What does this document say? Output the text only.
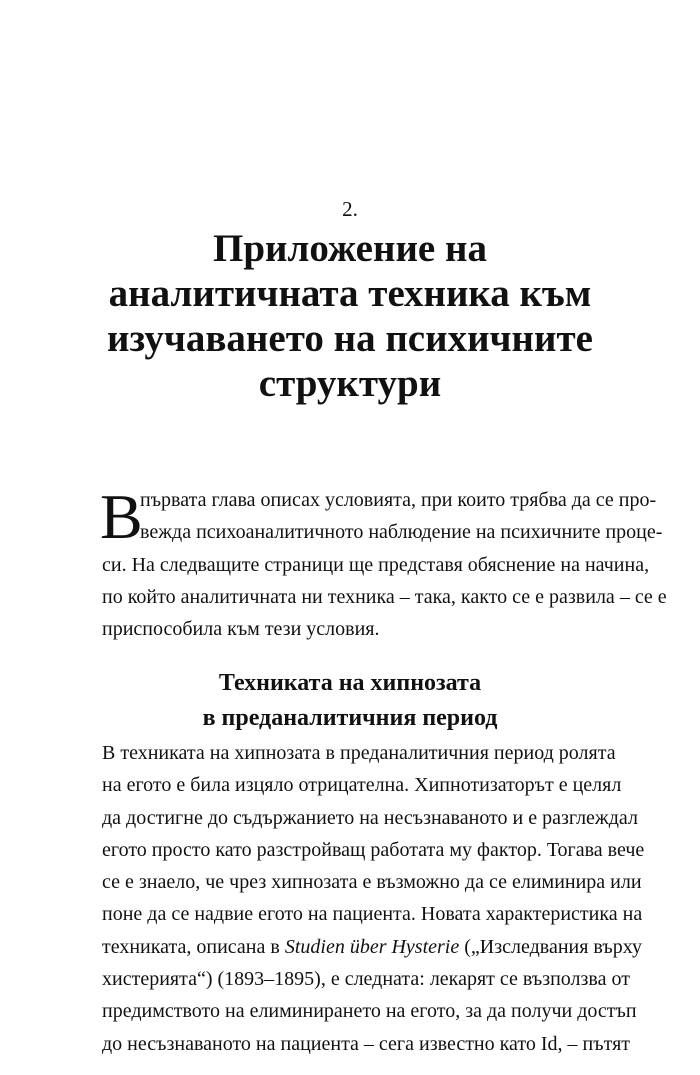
2.
Приложение на
аналитичната техника към
изучаването на психичните
структури
В
първата глава описах условията, при които трябва да се про-
вежда психоаналитичното наблюдение на психичните проце-
си. На следващите страници ще представя обяснение на начина,
по който аналитичната ни техника – така, както се е развила – се е
приспособила към тези условия.
Техниката на хипнозата
в преданалитичния период
В техниката на хипнозата в преданалитичния период ролята
на егото е била изцяло отрицателна. Хипнотизаторът е целял
да достигне до съдържанието на несъзнаваното и е разглеждал
егото просто като разстройващ работата му фактор. Тогава вече
се е знаело, че чрез хипнозата е възможно да се елиминира или
поне да се надвие егото на пациента. Новата характеристика на
техниката, описана в Studien über Hysterie („Изследвания върху
хистерията“) (1893–1895), е следната: лекарят се възползва от
предимството на елиминирането на егото, за да получи достъп
до несъзнаваното на пациента – сега известно като Id, – пътят
